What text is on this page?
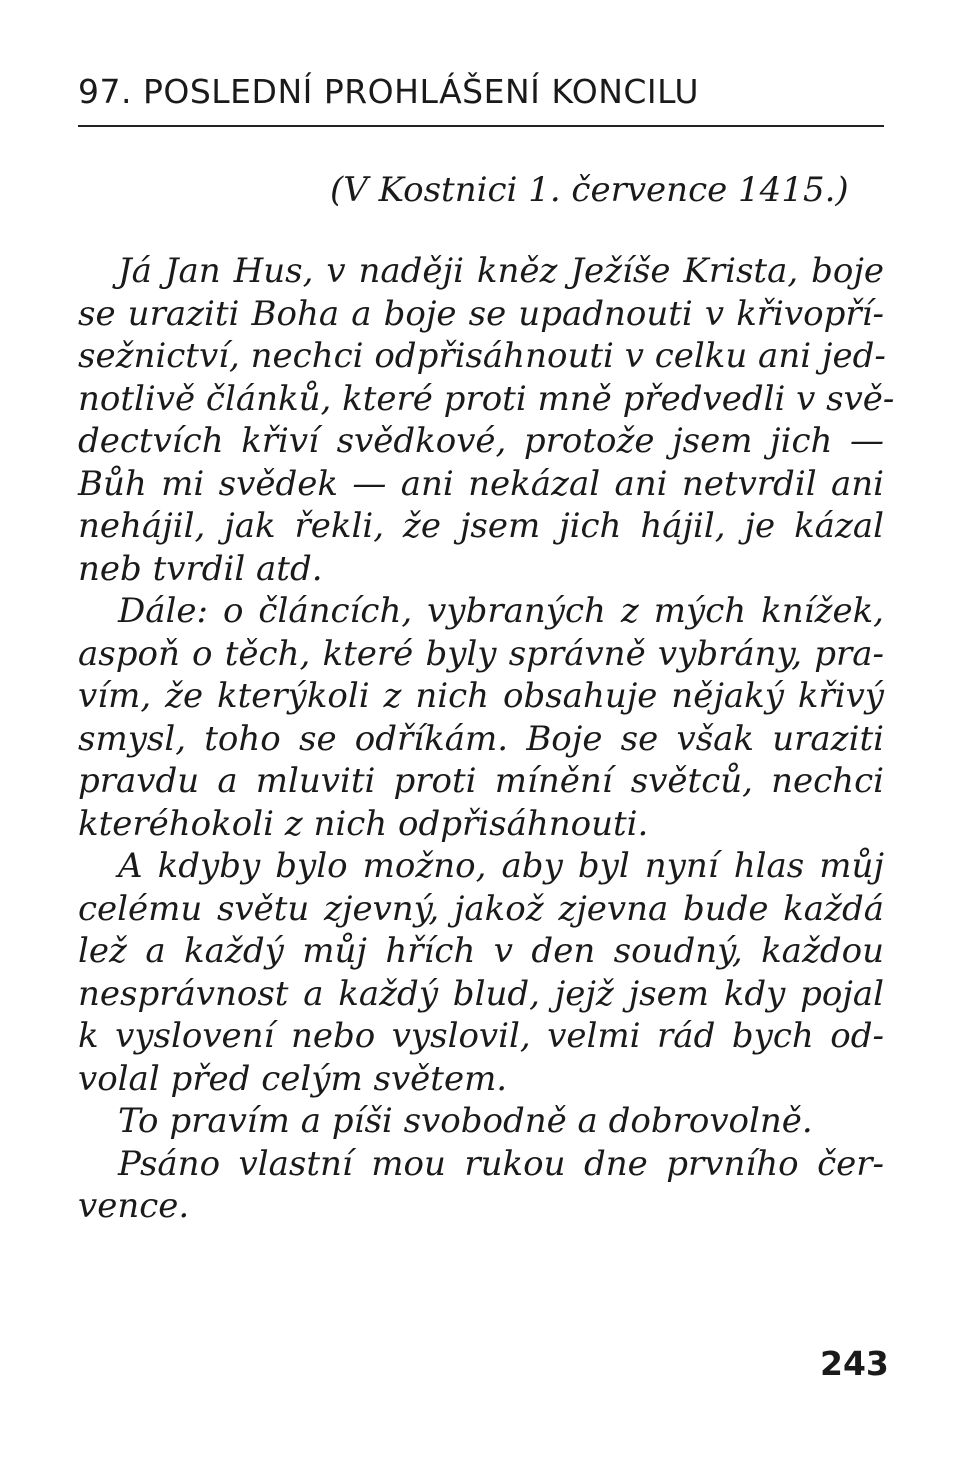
97. POSLEDNÍ PROHLÁŠENÍ KONCILU
(V Kostnici 1. července 1415.)
Já Jan Hus, v naději kněz Ježíše Krista, boje
se uraziti Boha a boje se upadnouti v křivopří-
sežnictví, nechci odpřisáhnouti v celku ani jed-
notlivě článků, které proti mně předvedli v svě-
dectvích křiví svědkové, protože jsem jich —
Bůh mi svědek — ani nekázal ani netvrdil ani
nehájil, jak řekli, že jsem jich hájil, je kázal
neb tvrdil atd.
Dále: o článcích, vybraných z mých knížek,
aspoň o těch, které byly správně vybrány, pra-
vím, že kterýkoli z nich obsahuje nějaký křivý
smysl, toho se odříkám. Boje se však uraziti
pravdu a mluviti proti mínění světců, nechci
kteréhokoli z nich odpřisáhnouti.
A kdyby bylo možno, aby byl nyní hlas můj
celému světu zjevný, jakož zjevna bude každá
lež a každý můj hřích v den soudný, každou
nesprávnost a každý blud, jejž jsem kdy pojal
k vyslovení nebo vyslovil, velmi rád bych od-
volal před celým světem.
To pravím a píši svobodně a dobrovolně.
Psáno vlastní mou rukou dne prvního čer-
vence.
243
